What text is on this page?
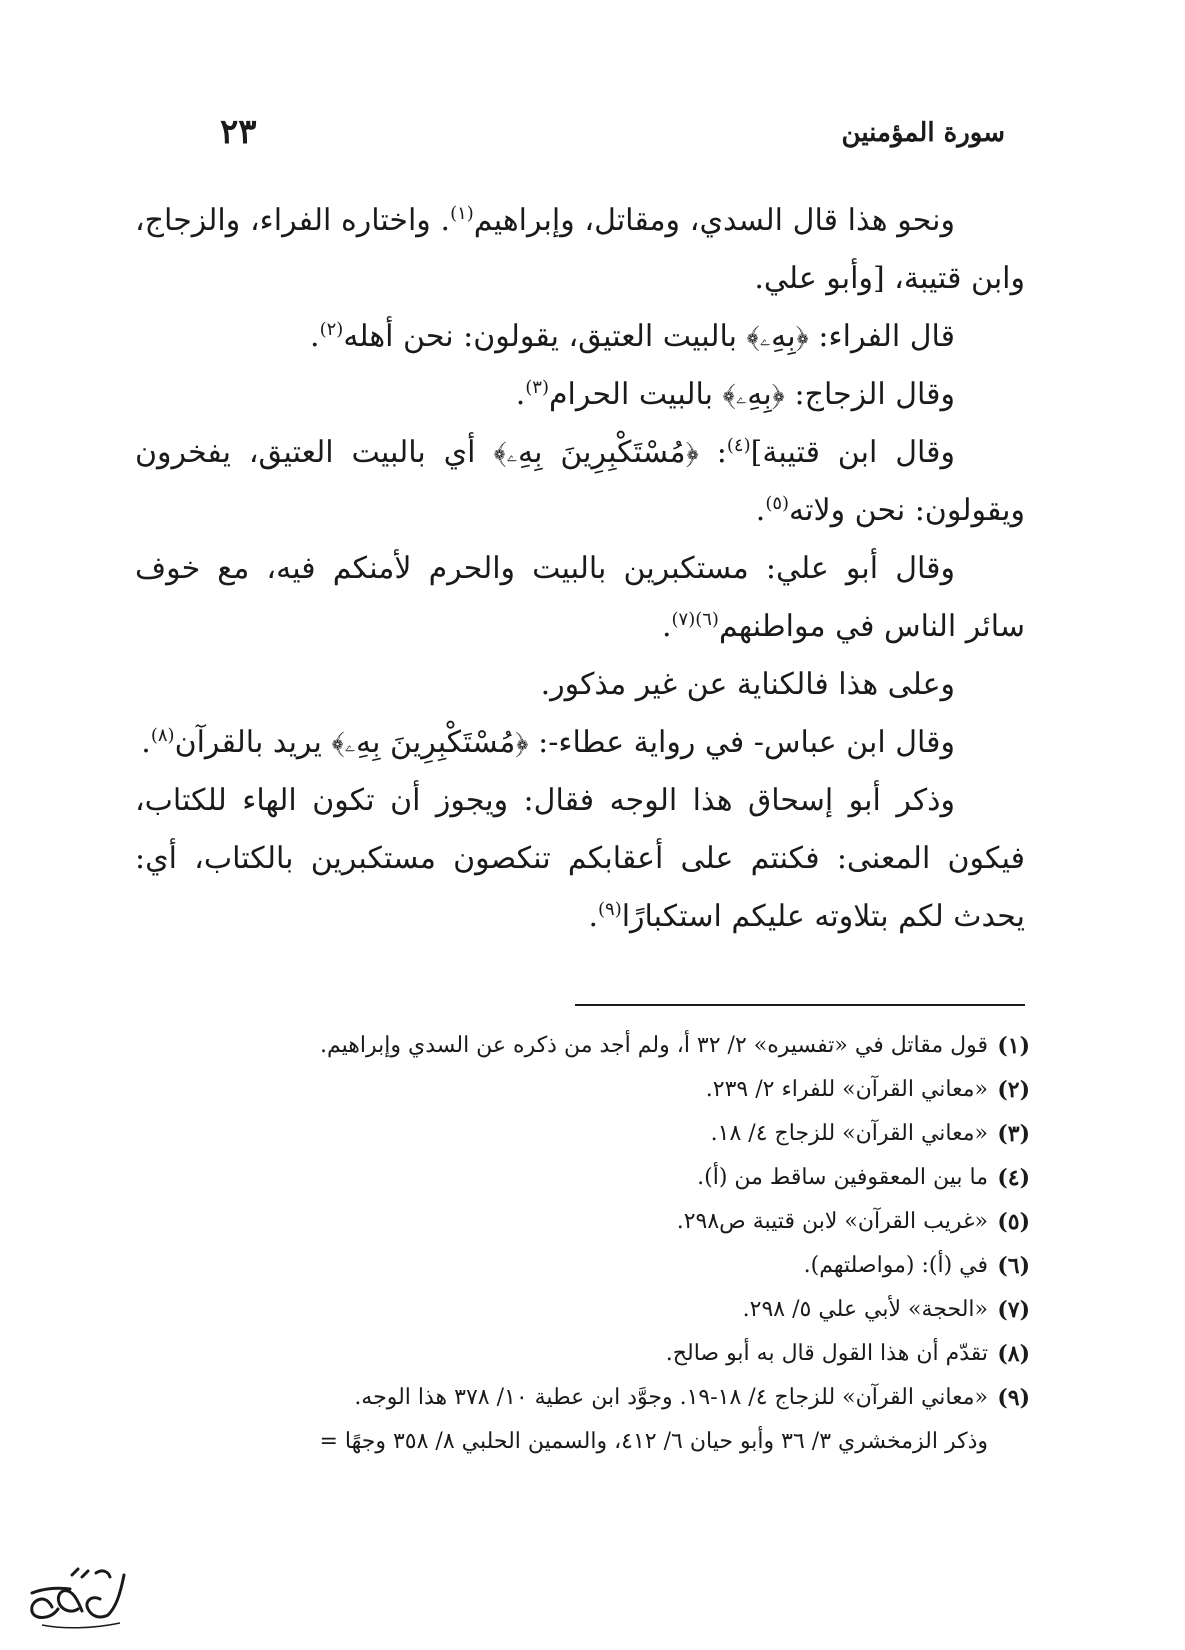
سورة المؤمنين
٢٣

ونحو هذا قال السدي، ومقاتل، وإبراهيم$^{(١)}$. واختاره الفراء، والزجاج، وابن قتيبة، [وأبو علي.

قال الفراء: ﴿بِهِۦ﴾ بالبيت العتيق، يقولون: نحن أهله$^{(٢)}$.

وقال الزجاج: ﴿بِهِۦ﴾ بالبيت الحرام$^{(٣)}$.

وقال ابن قتيبة]$^{(٤)}$: ﴿مُسْتَكْبِرِينَ بِهِۦ﴾ أي بالبيت العتيق، يفخرون ويقولون: نحن ولاته$^{(٥)}$.

وقال أبو علي: مستكبرين بالبيت والحرم لأمنكم فيه، مع خوف سائر الناس في مواطنهم$^{(٦)(٧)}$.

وعلى هذا فالكناية عن غير مذكور.

وقال ابن عباس- في رواية عطاء-: ﴿مُسْتَكْبِرِينَ بِهِۦ﴾ يريد بالقرآن$^{(٨)}$.

وذكر أبو إسحاق هذا الوجه فقال: ويجوز أن تكون الهاء للكتاب، فيكون المعنى: فكنتم على أعقابكم تنكصون مستكبرين بالكتاب، أي: يحدث لكم بتلاوته عليكم استكبارًا$^{(٩)}$.

(١)
قول مقاتل في «تفسيره» ٢/ ٣٢ أ، ولم أجد من ذكره عن السدي وإبراهيم.
(٢)
«معاني القرآن» للفراء ٢/ ٢٣٩.
(٣)
«معاني القرآن» للزجاج ٤/ ١٨.
(٤)
ما بين المعقوفين ساقط من (أ).
(٥)
«غريب القرآن» لابن قتيبة ص٢٩٨.
(٦)
في (أ): (مواصلتهم).
(٧)
«الحجة» لأبي علي ٥/ ٢٩٨.
(٨)
تقدّم أن هذا القول قال به أبو صالح.
(٩)
«معاني القرآن» للزجاج ٤/ ١٨-١٩. وجوَّد ابن عطية ١٠/ ٣٧٨ هذا الوجه.
وذكر الزمخشري ٣/ ٣٦ وأبو حيان ٦/ ٤١٢، والسمين الحلبي ٨/ ٣٥٨ وجهًا =
